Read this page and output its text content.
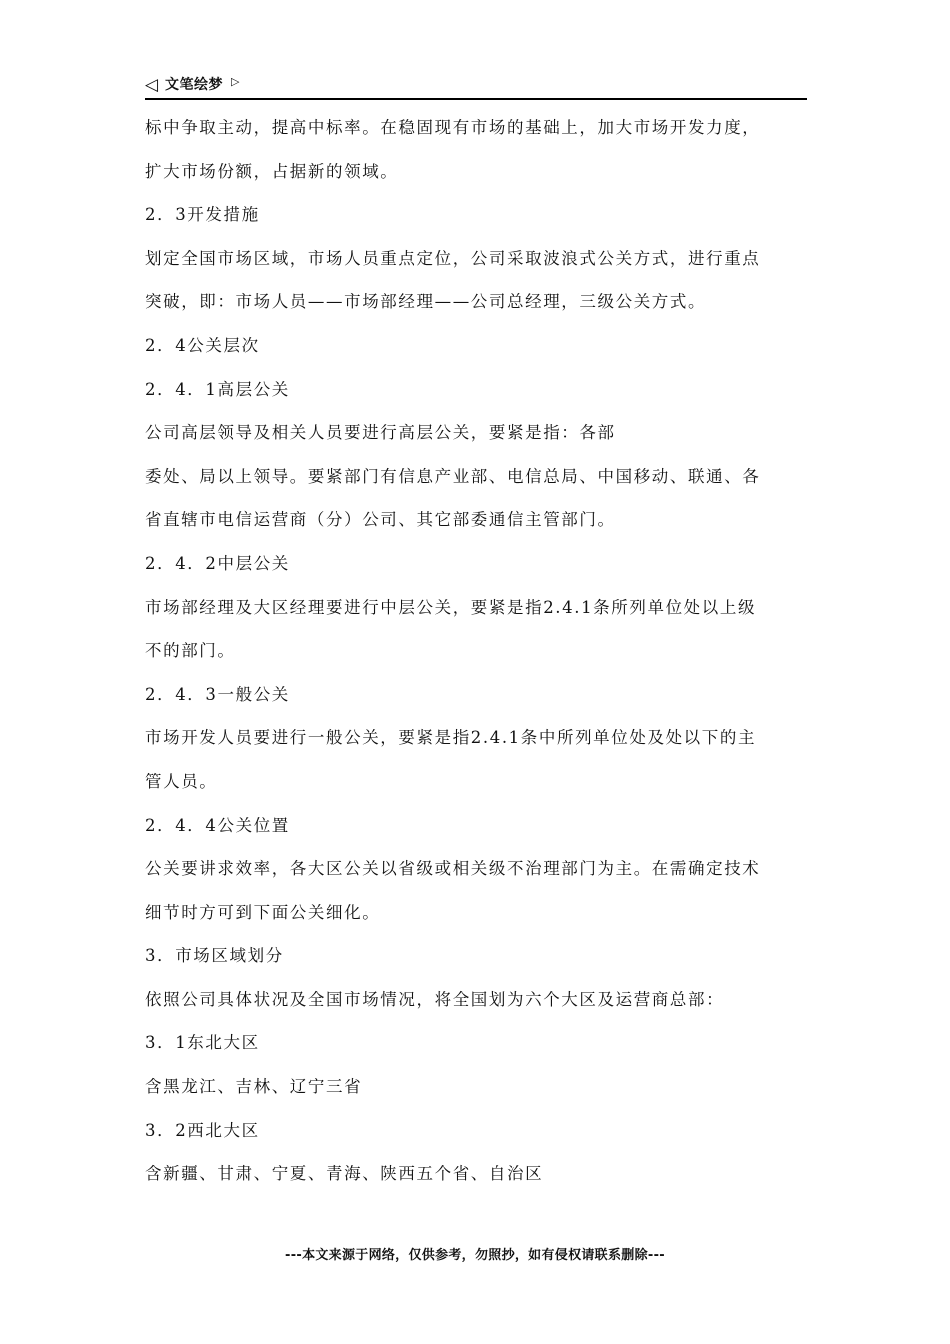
◁ 文笔绘梦 ▷
标中争取主动，提高中标率。在稳固现有市场的基础上，加大市场开发力度，
扩大市场份额，占据新的领域。
2．3开发措施
划定全国市场区域，市场人员重点定位，公司采取波浪式公关方式，进行重点
突破，即：市场人员——市场部经理——公司总经理，三级公关方式。
2．4公关层次
2．4．1高层公关
公司高层领导及相关人员要进行高层公关，要紧是指：各部
委处、局以上领导。要紧部门有信息产业部、电信总局、中国移动、联通、各
省直辖市电信运营商（分）公司、其它部委通信主管部门。
2．4．2中层公关
市场部经理及大区经理要进行中层公关，要紧是指2.4.1条所列单位处以上级
不的部门。
2．4．3一般公关
市场开发人员要进行一般公关，要紧是指2.4.1条中所列单位处及处以下的主
管人员。
2．4．4公关位置
公关要讲求效率，各大区公关以省级或相关级不治理部门为主。在需确定技术
细节时方可到下面公关细化。
3．市场区域划分
依照公司具体状况及全国市场情况，将全国划为六个大区及运营商总部：
3．1东北大区
含黑龙江、吉林、辽宁三省
3．2西北大区
含新疆、甘肃、宁夏、青海、陕西五个省、自治区
---本文来源于网络，仅供参考，勿照抄，如有侵权请联系删除---
